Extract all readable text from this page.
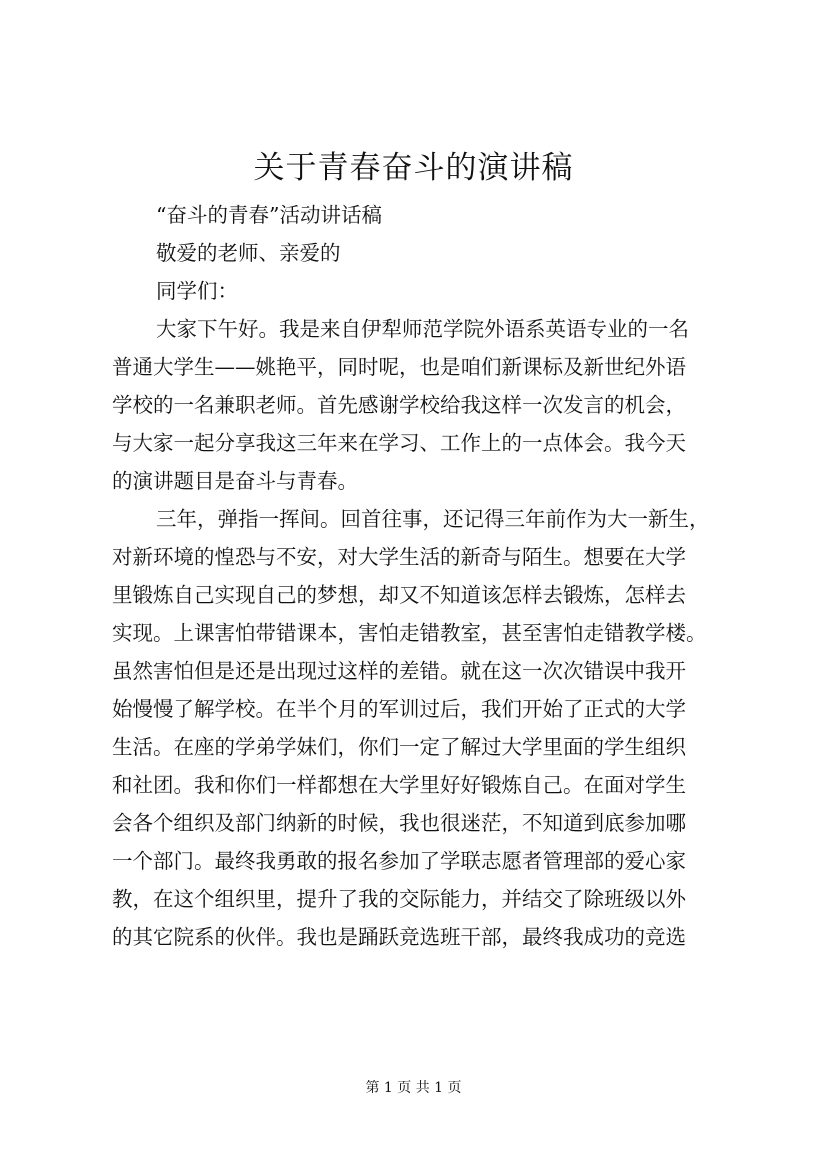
关于青春奋斗的演讲稿
“奋斗的青春”活动讲话稿
敬爱的老师、亲爱的
同学们：
大家下午好。我是来自伊犁师范学院外语系英语专业的一名
普通大学生——姚艳平，同时呢，也是咱们新课标及新世纪外语
学校的一名兼职老师。首先感谢学校给我这样一次发言的机会，
与大家一起分享我这三年来在学习、工作上的一点体会。我今天
的演讲题目是奋斗与青春。
三年，弹指一挥间。回首往事，还记得三年前作为大一新生，
对新环境的惶恐与不安，对大学生活的新奇与陌生。想要在大学
里锻炼自己实现自己的梦想，却又不知道该怎样去锻炼，怎样去
实现。上课害怕带错课本，害怕走错教室，甚至害怕走错教学楼。
虽然害怕但是还是出现过这样的差错。就在这一次次错误中我开
始慢慢了解学校。在半个月的军训过后，我们开始了正式的大学
生活。在座的学弟学妹们，你们一定了解过大学里面的学生组织
和社团。我和你们一样都想在大学里好好锻炼自己。在面对学生
会各个组织及部门纳新的时候，我也很迷茫，不知道到底参加哪
一个部门。最终我勇敢的报名参加了学联志愿者管理部的爱心家
教，在这个组织里，提升了我的交际能力，并结交了除班级以外
的其它院系的伙伴。我也是踊跃竞选班干部，最终我成功的竞选
第 1 页 共 1 页
